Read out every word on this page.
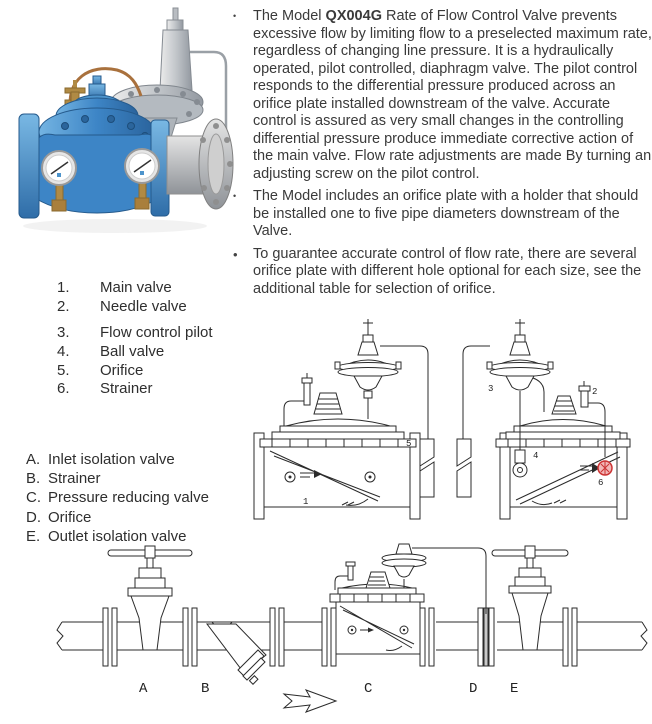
•	The Model QX004G Rate of Flow Control Valve prevents excessive flow by limiting flow to a preselected maximum rate, regardless of changing line pressure. It is a hydraulically operated, pilot controlled, diaphragm valve. The pilot control responds to the differential pressure produced across an orifice plate installed downstream of the valve. Accurate control is assured as very small changes in the controlling differential pressure produce immediate corrective action of the main valve. Flow rate adjustments are made By turning an adjusting screw on the pilot control.
•	The Model includes an orifice plate with a holder that should be installed one to five pipe diameters downstream of the Valve.
•	To guarantee accurate control of flow rate, there are several orifice plate with different hole optional for each size, see the additional table for selection of orifice.
1.	Main valve
2.	Needle valve
3.	Flow control pilot
4.	Ball valve
5.	Orifice
6.	Strainer
A. Inlet isolation valve
B. Strainer
C. Pressure reducing valve
D. Orifice
E. Outlet isolation valve
1
5
2
3
4
6
A	B	C	D E
